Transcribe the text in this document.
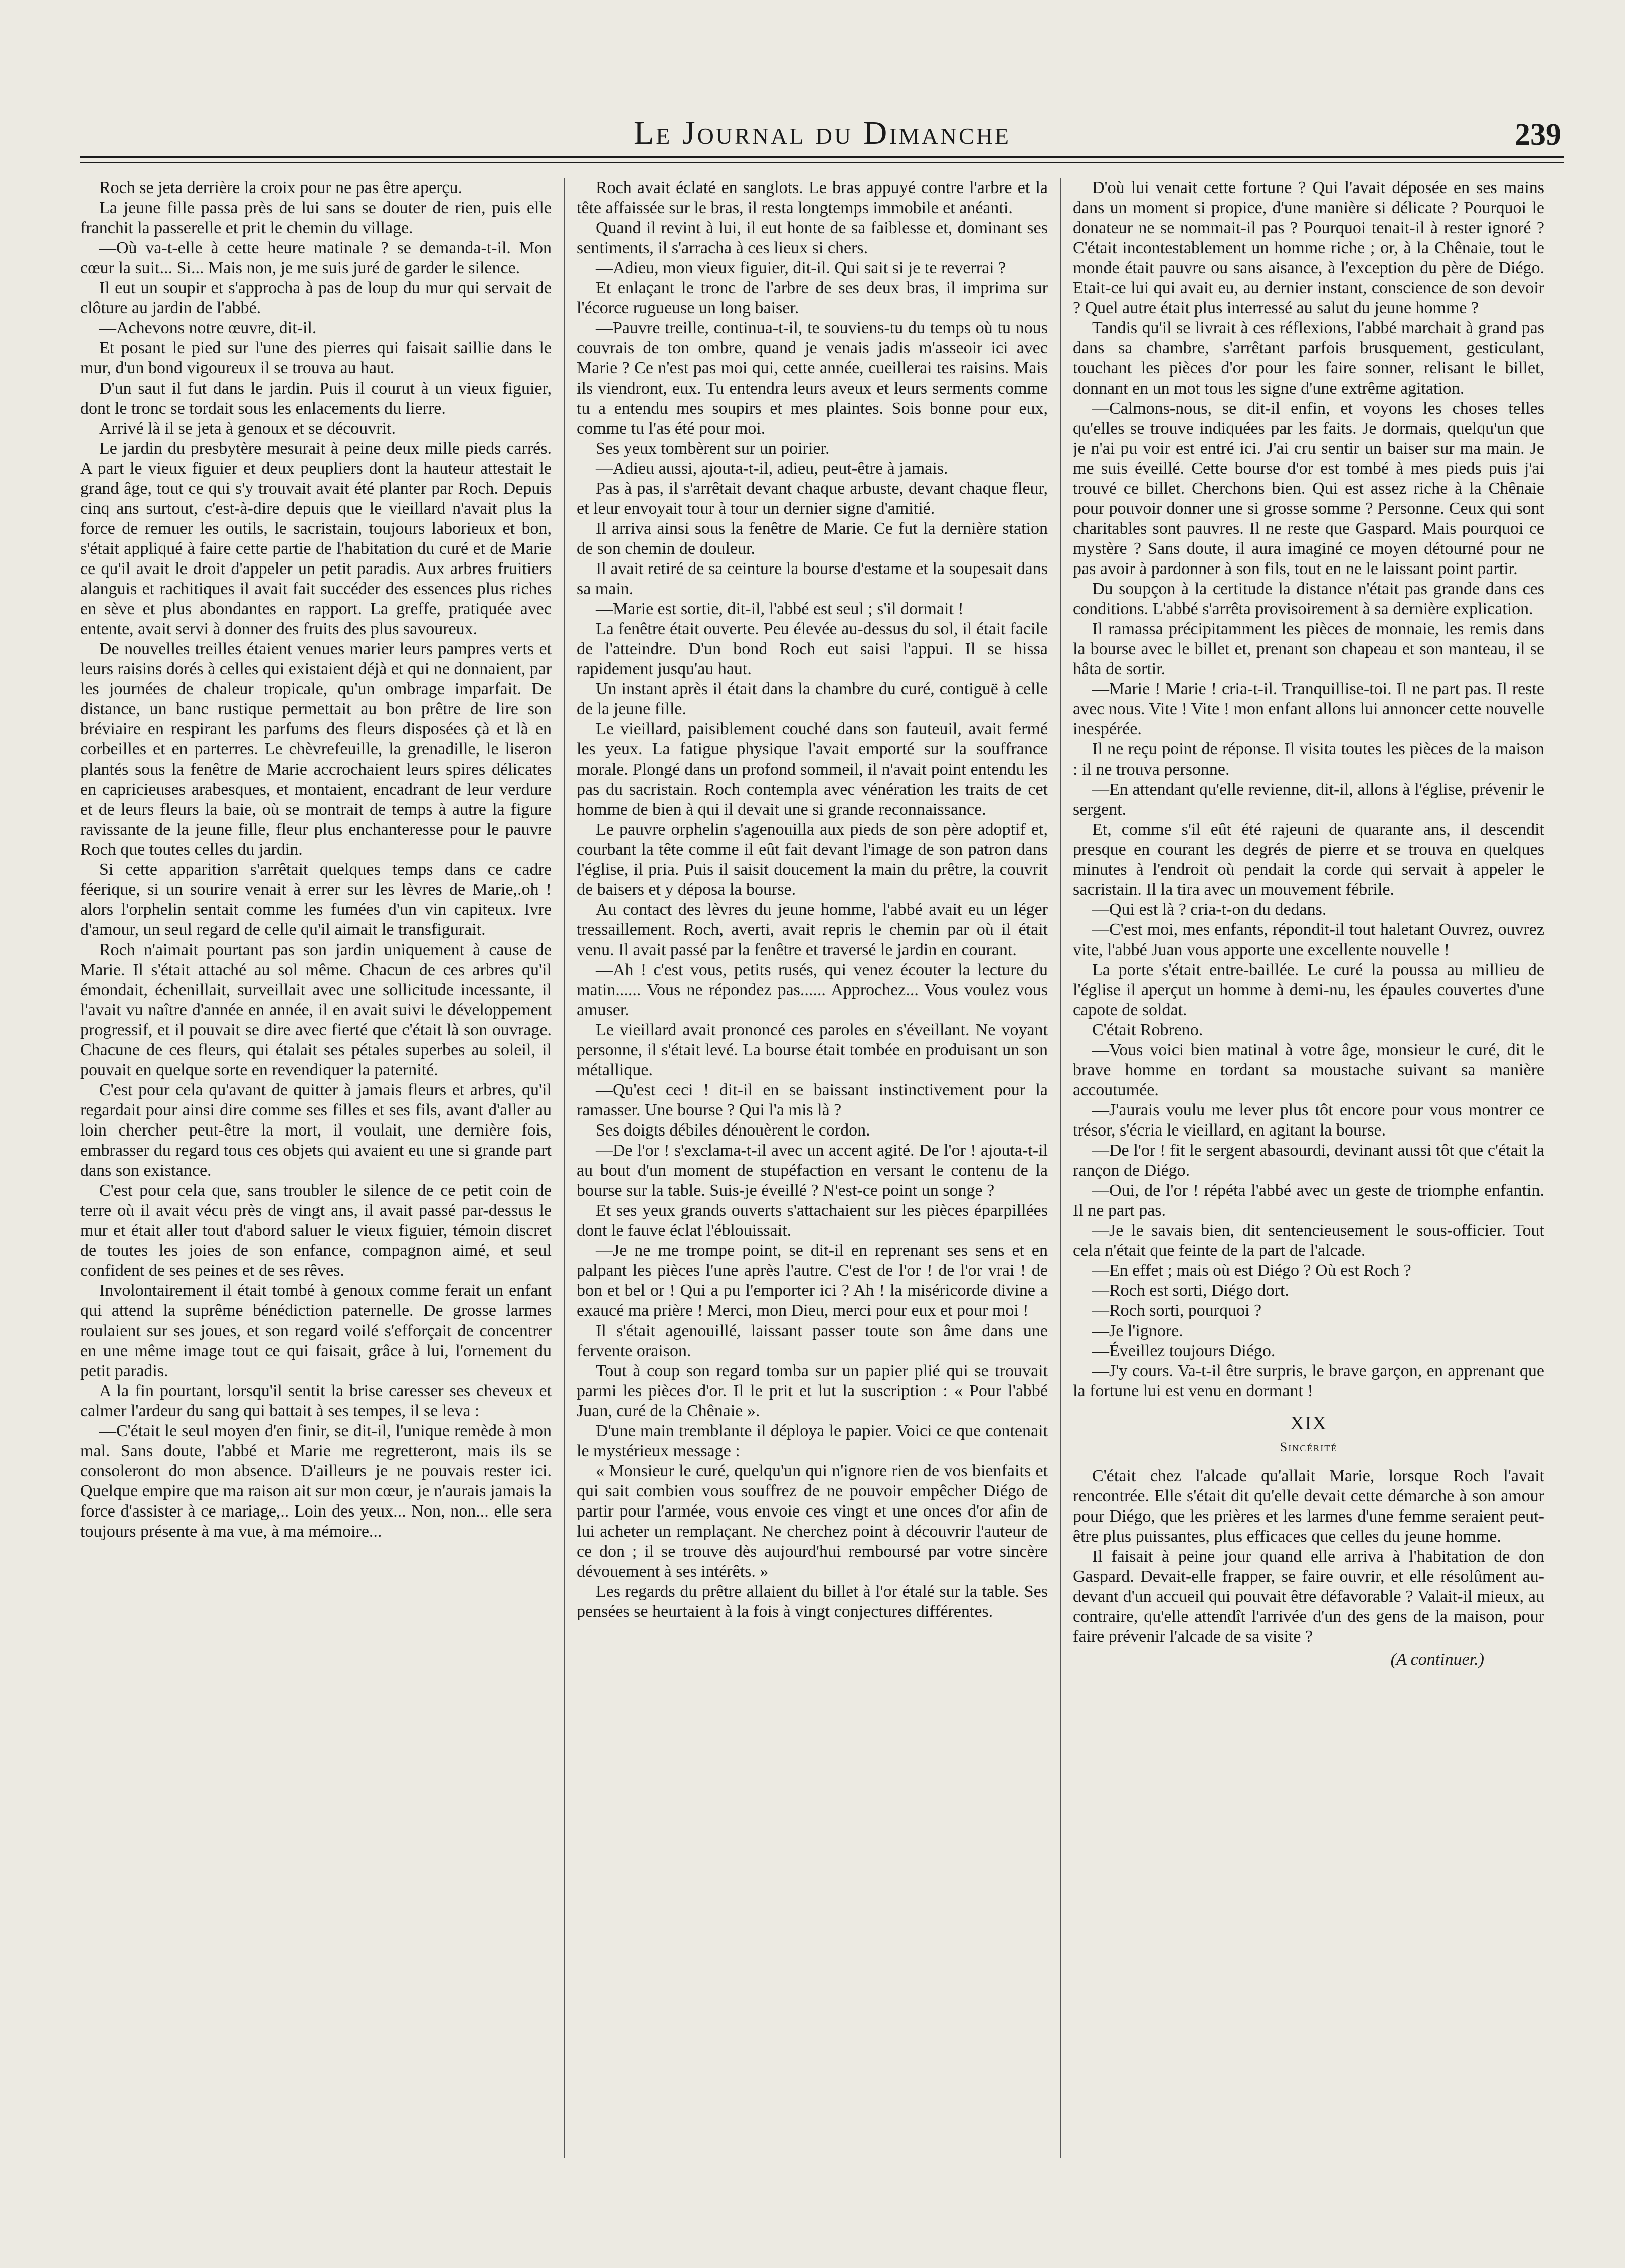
Le Journal du Dimanche	239

Roch se jeta derrière la croix pour ne pas être aperçu.

La jeune fille passa près de lui sans se douter de rien, puis elle franchit la passerelle et prit le chemin du village.

—Où va-t-elle à cette heure matinale ? se demanda-t-il. Mon cœur la suit... Si... Mais non, je me suis juré de garder le silence.

Il eut un soupir et s'approcha à pas de loup du mur qui servait de clôture au jardin de l'abbé.

—Achevons notre œuvre, dit-il.

Et posant le pied sur l'une des pierres qui faisait saillie dans le mur, d'un bond vigoureux il se trouva au haut.

D'un saut il fut dans le jardin. Puis il courut à un vieux figuier, dont le tronc se tordait sous les enlacements du lierre.

Arrivé là il se jeta à genoux et se découvrit.

Le jardin du presbytère mesurait à peine deux mille pieds carrés. A part le vieux figuier et deux peupliers dont la hauteur attestait le grand âge, tout ce qui s'y trouvait avait été planter par Roch. Depuis cinq ans surtout, c'est-à-dire depuis que le vieillard n'avait plus la force de remuer les outils, le sacristain, toujours laborieux et bon, s'était appliqué à faire cette partie de l'habitation du curé et de Marie ce qu'il avait le droit d'appeler un petit paradis. Aux arbres fruitiers alanguis et rachitiques il avait fait succéder des essences plus riches en sève et plus abondantes en rapport. La greffe, pratiquée avec entente, avait servi à donner des fruits des plus savoureux.

De nouvelles treilles étaient venues marier leurs pampres verts et leurs raisins dorés à celles qui existaient déjà et qui ne donnaient, par les journées de chaleur tropicale, qu'un ombrage imparfait. De distance, un banc rustique permettait au bon prêtre de lire son bréviaire en respirant les parfums des fleurs disposées çà et là en corbeilles et en parterres. Le chèvrefeuille, la grenadille, le liseron plantés sous la fenêtre de Marie accrochaient leurs spires délicates en capricieuses arabesques, et montaient, encadrant de leur verdure et de leurs fleurs la baie, où se montrait de temps à autre la figure ravissante de la jeune fille, fleur plus enchanteresse pour le pauvre Roch que toutes celles du jardin.

Si cette apparition s'arrêtait quelques temps dans ce cadre féerique, si un sourire venait à errer sur les lèvres de Marie,.oh ! alors l'orphelin sentait comme les fumées d'un vin capiteux. Ivre d'amour, un seul regard de celle qu'il aimait le transfigurait.

Roch n'aimait pourtant pas son jardin uniquement à cause de Marie. Il s'était attaché au sol même. Chacun de ces arbres qu'il émondait, échenillait, surveillait avec une sollicitude incessante, il l'avait vu naître d'année en année, il en avait suivi le développement progressif, et il pouvait se dire avec fierté que c'était là son ouvrage. Chacune de ces fleurs, qui étalait ses pétales superbes au soleil, il pouvait en quelque sorte en revendiquer la paternité.

C'est pour cela qu'avant de quitter à jamais fleurs et arbres, qu'il regardait pour ainsi dire comme ses filles et ses fils, avant d'aller au loin chercher peut-être la mort, il voulait, une dernière fois, embrasser du regard tous ces objets qui avaient eu une si grande part dans son existance.

C'est pour cela que, sans troubler le silence de ce petit coin de terre où il avait vécu près de vingt ans, il avait passé par-dessus le mur et était aller tout d'abord saluer le vieux figuier, témoin discret de toutes les joies de son enfance, compagnon aimé, et seul confident de ses peines et de ses rêves.

Involontairement il était tombé à genoux comme ferait un enfant qui attend la suprême bénédiction paternelle. De grosse larmes roulaient sur ses joues, et son regard voilé s'efforçait de concentrer en une même image tout ce qui faisait, grâce à lui, l'ornement du petit paradis.

A la fin pourtant, lorsqu'il sentit la brise caresser ses cheveux et calmer l'ardeur du sang qui battait à ses tempes, il se leva :

—C'était le seul moyen d'en finir, se dit-il, l'unique remède à mon mal. Sans doute, l'abbé et Marie me regretteront, mais ils se consoleront do mon absence. D'ailleurs je ne pouvais rester ici. Quelque empire que ma raison ait sur mon cœur, je n'aurais jamais la force d'assister à ce mariage,.. Loin des yeux... Non, non... elle sera toujours présente à ma vue, à ma mémoire...

Roch avait éclaté en sanglots. Le bras appuyé contre l'arbre et la tête affaissée sur le bras, il resta longtemps immobile et anéanti.

Quand il revint à lui, il eut honte de sa faiblesse et, dominant ses sentiments, il s'arracha à ces lieux si chers.

—Adieu, mon vieux figuier, dit-il. Qui sait si je te reverrai ?

Et enlaçant le tronc de l'arbre de ses deux bras, il imprima sur l'écorce rugueuse un long baiser.

—Pauvre treille, continua-t-il, te souviens-tu du temps où tu nous couvrais de ton ombre, quand je venais jadis m'asseoir ici avec Marie ? Ce n'est pas moi qui, cette année, cueillerai tes raisins. Mais ils viendront, eux. Tu entendra leurs aveux et leurs serments comme tu a entendu mes soupirs et mes plaintes. Sois bonne pour eux, comme tu l'as été pour moi.

Ses yeux tombèrent sur un poirier.

—Adieu aussi, ajouta-t-il, adieu, peut-être à jamais.

Pas à pas, il s'arrêtait devant chaque arbuste, devant chaque fleur, et leur envoyait tour à tour un dernier signe d'amitié.

Il arriva ainsi sous la fenêtre de Marie. Ce fut la dernière station de son chemin de douleur.

Il avait retiré de sa ceinture la bourse d'estame et la soupesait dans sa main.

—Marie est sortie, dit-il, l'abbé est seul ; s'il dormait !

La fenêtre était ouverte. Peu élevée au-dessus du sol, il était facile de l'atteindre. D'un bond Roch eut saisi l'appui. Il se hissa rapidement jusqu'au haut.

Un instant après il était dans la chambre du curé, contiguë à celle de la jeune fille.

Le vieillard, paisiblement couché dans son fauteuil, avait fermé les yeux. La fatigue physique l'avait emporté sur la souffrance morale. Plongé dans un profond sommeil, il n'avait point entendu les pas du sacristain. Roch contempla avec vénération les traits de cet homme de bien à qui il devait une si grande reconnaissance.

Le pauvre orphelin s'agenouilla aux pieds de son père adoptif et, courbant la tête comme il eût fait devant l'image de son patron dans l'église, il pria. Puis il saisit doucement la main du prêtre, la couvrit de baisers et y déposa la bourse.

Au contact des lèvres du jeune homme, l'abbé avait eu un léger tressaillement. Roch, averti, avait repris le chemin par où il était venu. Il avait passé par la fenêtre et traversé le jardin en courant.

—Ah ! c'est vous, petits rusés, qui venez écouter la lecture du matin...... Vous ne répondez pas...... Approchez... Vous voulez vous amuser.

Le vieillard avait prononcé ces paroles en s'éveillant. Ne voyant personne, il s'était levé. La bourse était tombée en produisant un son métallique.

—Qu'est ceci ! dit-il en se baissant instinctivement pour la ramasser. Une bourse ? Qui l'a mis là ?

Ses doigts débiles dénouèrent le cordon.

—De l'or ! s'exclama-t-il avec un accent agité. De l'or ! ajouta-t-il au bout d'un moment de stupéfaction en versant le contenu de la bourse sur la table. Suis-je éveillé ? N'est-ce point un songe ?

Et ses yeux grands ouverts s'attachaient sur les pièces éparpillées dont le fauve éclat l'éblouissait.

—Je ne me trompe point, se dit-il en reprenant ses sens et en palpant les pièces l'une après l'autre. C'est de l'or ! de l'or vrai ! de bon et bel or ! Qui a pu l'emporter ici ? Ah ! la miséricorde divine a exaucé ma prière ! Merci, mon Dieu, merci pour eux et pour moi !

Il s'était agenouillé, laissant passer toute son âme dans une fervente oraison.

Tout à coup son regard tomba sur un papier plié qui se trouvait parmi les pièces d'or. Il le prit et lut la suscription : « Pour l'abbé Juan, curé de la Chênaie ».

D'une main tremblante il déploya le papier. Voici ce que contenait le mystérieux message :

« Monsieur le curé, quelqu'un qui n'ignore rien de vos bienfaits et qui sait combien vous souffrez de ne pouvoir empêcher Diégo de partir pour l'armée, vous envoie ces vingt et une onces d'or afin de lui acheter un remplaçant. Ne cherchez point à découvrir l'auteur de ce don ; il se trouve dès aujourd'hui remboursé par votre sincère dévouement à ses intérêts. »

Les regards du prêtre allaient du billet à l'or étalé sur la table. Ses pensées se heurtaient à la fois à vingt conjectures différentes.

D'où lui venait cette fortune ? Qui l'avait déposée en ses mains dans un moment si propice, d'une manière si délicate ? Pourquoi le donateur ne se nommait-il pas ? Pourquoi tenait-il à rester ignoré ? C'était incontestablement un homme riche ; or, à la Chênaie, tout le monde était pauvre ou sans aisance, à l'exception du père de Diégo. Etait-ce lui qui avait eu, au dernier instant, conscience de son devoir ? Quel autre était plus interressé au salut du jeune homme ?

Tandis qu'il se livrait à ces réflexions, l'abbé marchait à grand pas dans sa chambre, s'arrêtant parfois brusquement, gesticulant, touchant les pièces d'or pour les faire sonner, relisant le billet, donnant en un mot tous les signe d'une extrême agitation.

—Calmons-nous, se dit-il enfin, et voyons les choses telles qu'elles se trouve indiquées par les faits. Je dormais, quelqu'un que je n'ai pu voir est entré ici. J'ai cru sentir un baiser sur ma main. Je me suis éveillé. Cette bourse d'or est tombé à mes pieds puis j'ai trouvé ce billet. Cherchons bien. Qui est assez riche à la Chênaie pour pouvoir donner une si grosse somme ? Personne. Ceux qui sont charitables sont pauvres. Il ne reste que Gaspard. Mais pourquoi ce mystère ? Sans doute, il aura imaginé ce moyen détourné pour ne pas avoir à pardonner à son fils, tout en ne le laissant point partir.

Du soupçon à la certitude la distance n'était pas grande dans ces conditions. L'abbé s'arrêta provisoirement à sa dernière explication.

Il ramassa précipitamment les pièces de monnaie, les remis dans la bourse avec le billet et, prenant son chapeau et son manteau, il se hâta de sortir.

—Marie ! Marie ! cria-t-il. Tranquillise-toi. Il ne part pas. Il reste avec nous. Vite ! Vite ! mon enfant allons lui annoncer cette nouvelle inespérée.

Il ne reçu point de réponse. Il visita toutes les pièces de la maison : il ne trouva personne.

—En attendant qu'elle revienne, dit-il, allons à l'église, prévenir le sergent.

Et, comme s'il eût été rajeuni de quarante ans, il descendit presque en courant les degrés de pierre et se trouva en quelques minutes à l'endroit où pendait la corde qui servait à appeler le sacristain. Il la tira avec un mouvement fébrile.

—Qui est là ? cria-t-on du dedans.

—C'est moi, mes enfants, répondit-il tout haletant Ouvrez, ouvrez vite, l'abbé Juan vous apporte une excellente nouvelle !

La porte s'était entre-baillée. Le curé la poussa au millieu de l'église il aperçut un homme à demi-nu, les épaules couvertes d'une capote de soldat.

C'était Robreno.

—Vous voici bien matinal à votre âge, monsieur le curé, dit le brave homme en tordant sa moustache suivant sa manière accoutumée.

—J'aurais voulu me lever plus tôt encore pour vous montrer ce trésor, s'écria le vieillard, en agitant la bourse.

—De l'or ! fit le sergent abasourdi, devinant aussi tôt que c'était la rançon de Diégo.

—Oui, de l'or ! répéta l'abbé avec un geste de triomphe enfantin. Il ne part pas.

—Je le savais bien, dit sentencieusement le sous-officier. Tout cela n'était que feinte de la part de l'alcade.

—En effet ; mais où est Diégo ? Où est Roch ?

—Roch est sorti, Diégo dort.

—Roch sorti, pourquoi ?

—Je l'ignore.

—Éveillez toujours Diégo.

—J'y cours. Va-t-il être surpris, le brave garçon, en apprenant que la fortune lui est venu en dormant !

XIX
Sincérité

C'était chez l'alcade qu'allait Marie, lorsque Roch l'avait rencontrée. Elle s'était dit qu'elle devait cette démarche à son amour pour Diégo, que les prières et les larmes d'une femme seraient peut-être plus puissantes, plus efficaces que celles du jeune homme.

Il faisait à peine jour quand elle arriva à l'habitation de don Gaspard. Devait-elle frapper, se faire ouvrir, et elle résolûment au-devant d'un accueil qui pouvait être défavorable ? Valait-il mieux, au contraire, qu'elle attendît l'arrivée d'un des gens de la maison, pour faire prévenir l'alcade de sa visite ?

(A continuer.)
